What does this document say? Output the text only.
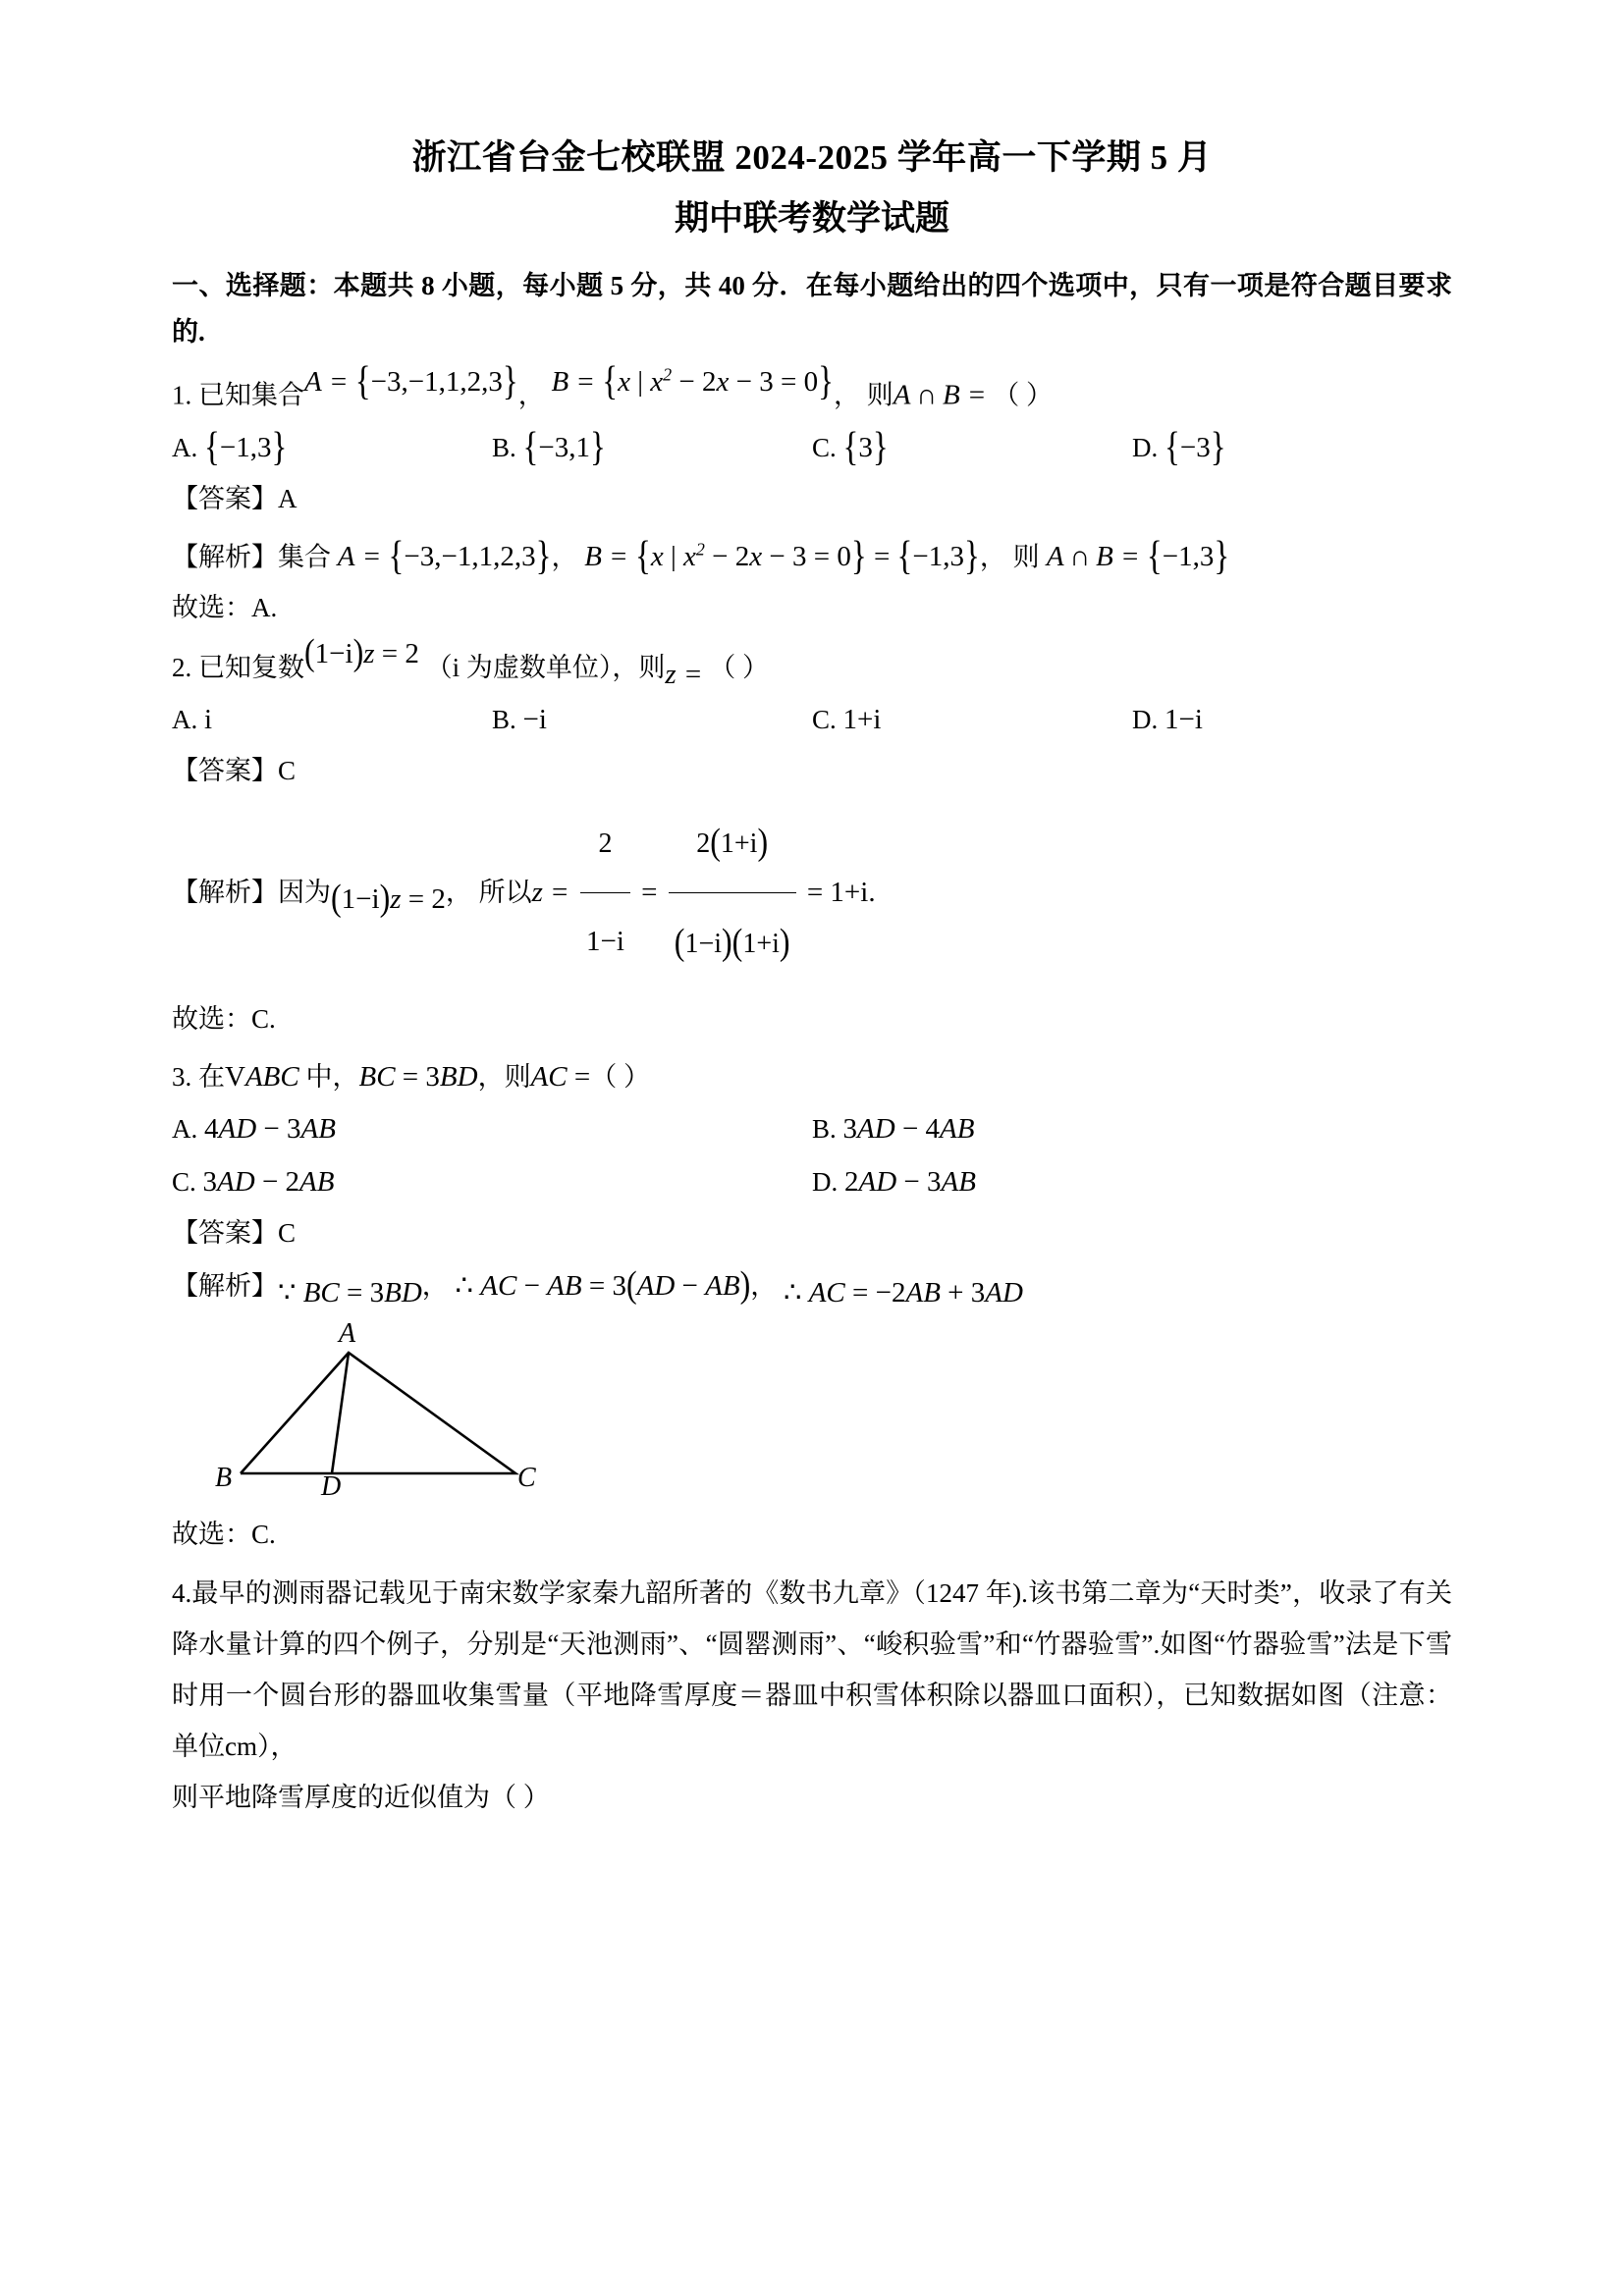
浙江省台金七校联盟 2024-2025 学年高一下学期 5 月
期中联考数学试题
一、选择题：本题共 8 小题，每小题 5 分，共 40 分．在每小题给出的四个选项中，只有一项是符合题目要求的.
1. 已知集合A = {−3,−1,1,2,3}， B = {x | $x^2 - 2x - 3 = 0$}， 则A ∩ B = （ ）
A. {−1,3}	B. {−3,1}	C. {3}	D. {−3}
【答案】A
【解析】集合 A = {−3,−1,1,2,3}， B = {x | $x^2 - 2x - 3 = 0\} = \{-1,3\}$， 则 A ∩ B = {−1,3}
故选：A.
2. 已知复数(1−i)z = 2 （i 为虚数单位），则z = （ ）
A. i	B. −i	C. 1+i	D. 1−i
【答案】C
【解析】因为(1−i)z = 2， 所以$z = \frac{2}{1-i} = \frac{2(1+i)}{(1-i)(1+i)} = 1+i$.
故选：C.
3. 在VABC 中，BC = 3BD，则AC =（ ）
A. 4AD − 3AB	B. 3AD − 4AB
C. 3AD − 2AB	D. 2AD − 3AB
【答案】C
【解析】∵ BC = 3BD， ∴ AC − AB = 3(AD − AB)， ∴ AC = −2AB + 3AD
A
B	D	C
故选：C.
4.最早的测雨器记载见于南宋数学家秦九韶所著的《数书九章》（1247 年).该书第二章为“天时类”，收录了有关降水量计算的四个例子，分别是“天池测雨”、“圆罂测雨”、“峻积验雪”和“竹器验雪”.如图“竹器验雪”法是下雪时用一个圆台形的器皿收集雪量（平地降雪厚度＝器皿中积雪体积除以器皿口面积），已知数据如图（注意：单位cm），
则平地降雪厚度的近似值为（ ）
